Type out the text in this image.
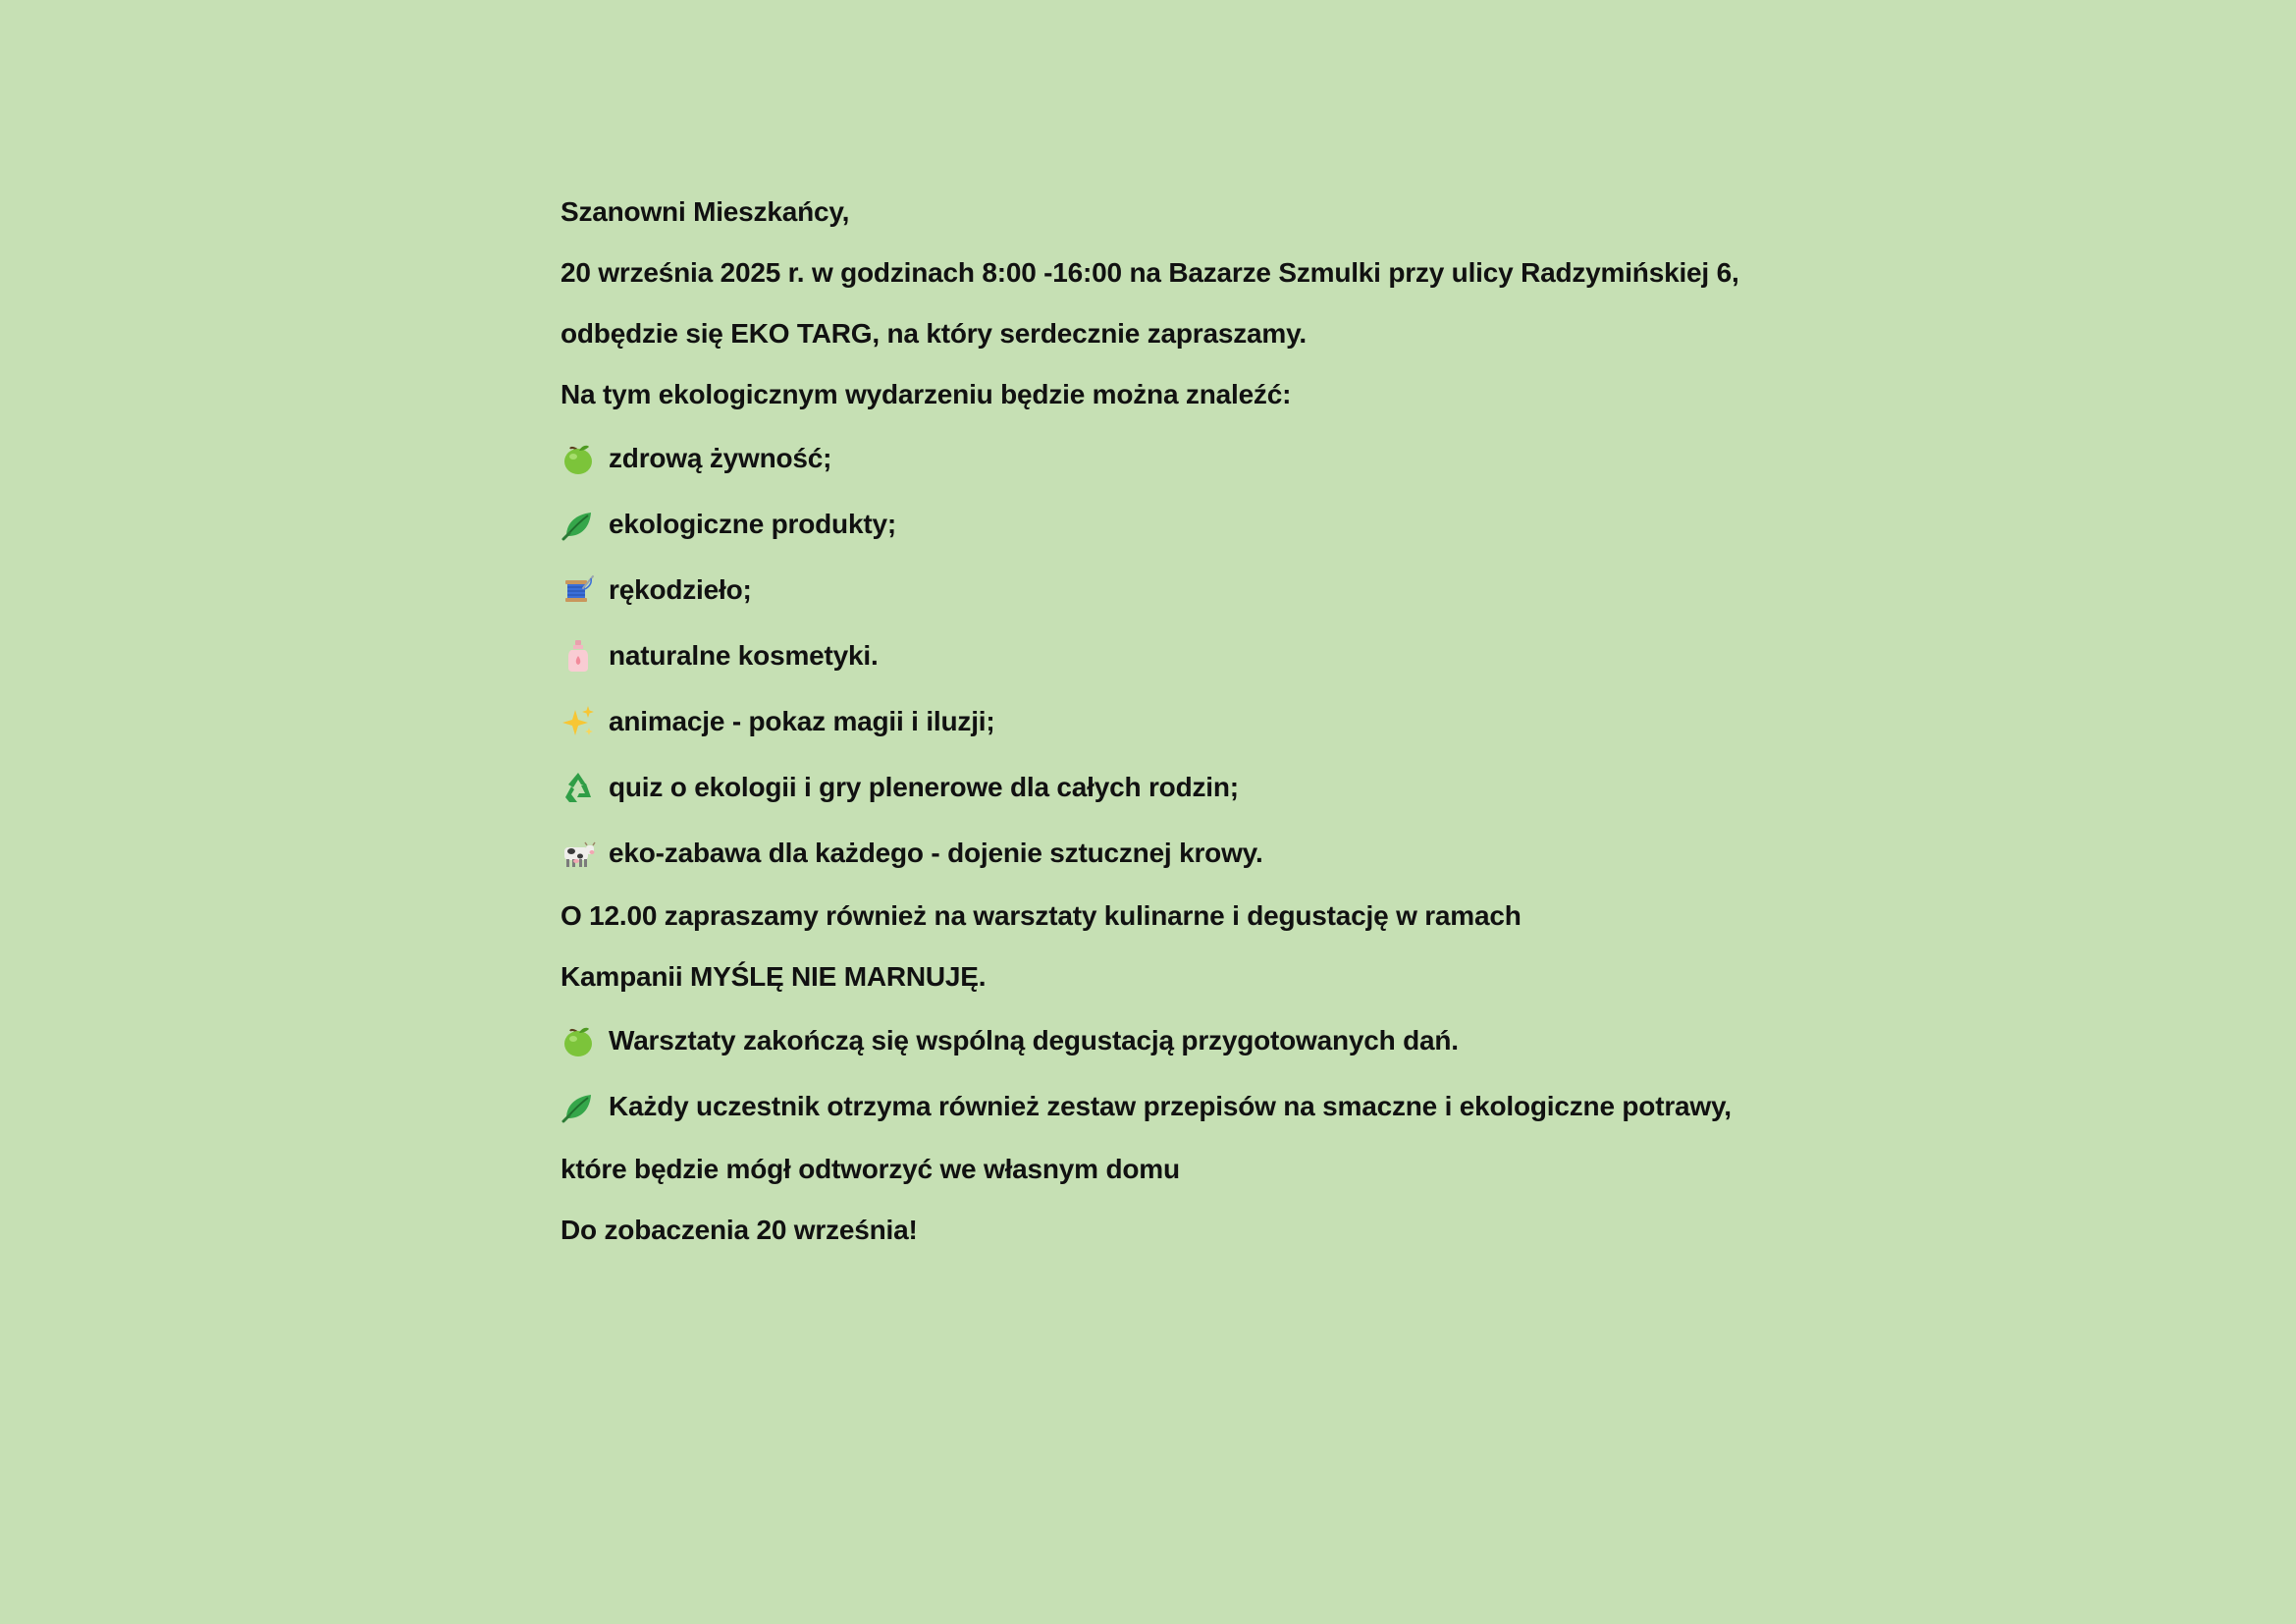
Szanowni Mieszkańcy,
20 września 2025 r. w godzinach 8:00 -16:00 na Bazarze Szmulki przy ulicy Radzymińskiej 6,
odbędzie się EKO TARG, na który serdecznie zapraszamy.
Na tym ekologicznym wydarzeniu będzie można znaleźć:
zdrową żywność;
ekologiczne produkty;
rękodzieło;
naturalne kosmetyki.
animacje - pokaz magii i iluzji;
quiz o ekologii i gry plenerowe dla całych rodzin;
eko-zabawa dla każdego - dojenie sztucznej krowy.
O 12.00 zapraszamy również na warsztaty kulinarne i degustację w ramach
Kampanii MYŚLĘ NIE MARNUJĘ.
Warsztaty zakończą się wspólną degustacją przygotowanych dań.
Każdy uczestnik otrzyma również zestaw przepisów na smaczne i ekologiczne potrawy,
które będzie mógł odtworzyć we własnym domu
Do zobaczenia 20 września!
